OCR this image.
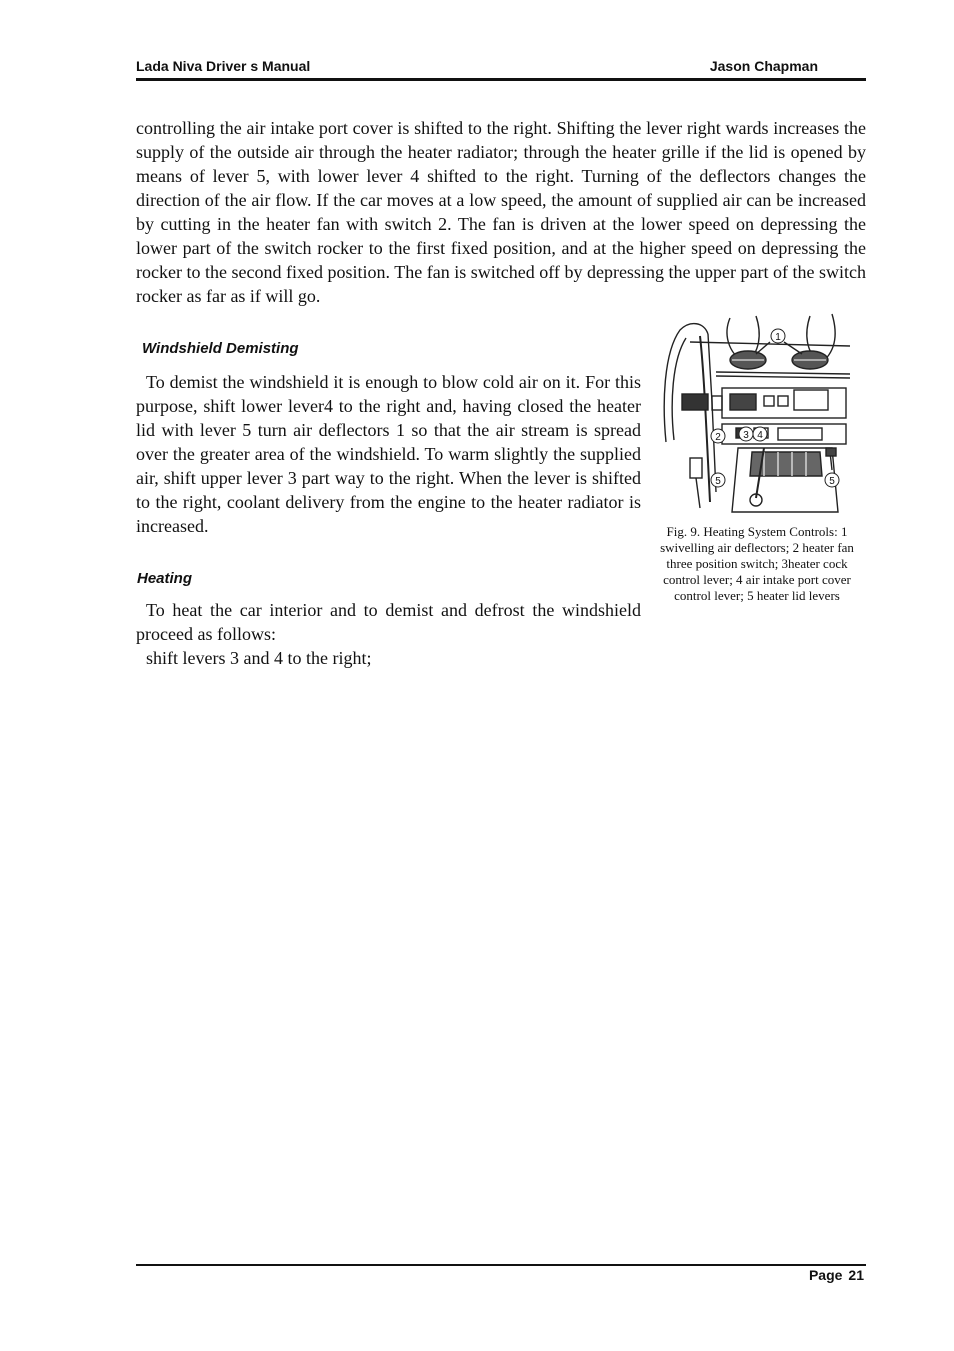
Lada Niva Driver s Manual	Jason Chapman

controlling the air intake port cover is shifted to the right. Shifting the lever right wards increases the supply of the outside air through the heater radiator; through the heater grille if the lid is opened by means of lever 5, with lower lever 4 shifted to the right. Turning of the deflectors changes the direction of the air flow. If the car moves at a low speed, the amount of supplied air can be increased by cutting in the heater fan with switch 2. The fan is driven at the lower speed on depressing the lower part of the switch rocker to the first fixed position, and at the higher speed on depressing the rocker to the second fixed position. The fan is switched off by depressing the upper part of the switch rocker as far as if will go.

Windshield Demisting

To demist the windshield it is enough to blow cold air on it. For this purpose, shift lower lever4 to the right and, having closed the heater lid with lever 5 turn air deflectors 1 so that the air stream is spread over the greater area of the windshield. To warm slightly the supplied air, shift upper lever 3 part way to the right. When the lever is shifted to the right, coolant delivery from the engine to the heater radiator is increased.

Heating

To heat the car interior and to demist and defrost the windshield proceed as follows:

shift levers 3 and 4 to the right;

1
2 3 4
5	5

Fig. 9. Heating System Controls: 1 swivelling air deflectors; 2 heater fan three position switch; 3heater cock control lever; 4 air intake port cover control lever; 5 heater lid levers

Page 21
